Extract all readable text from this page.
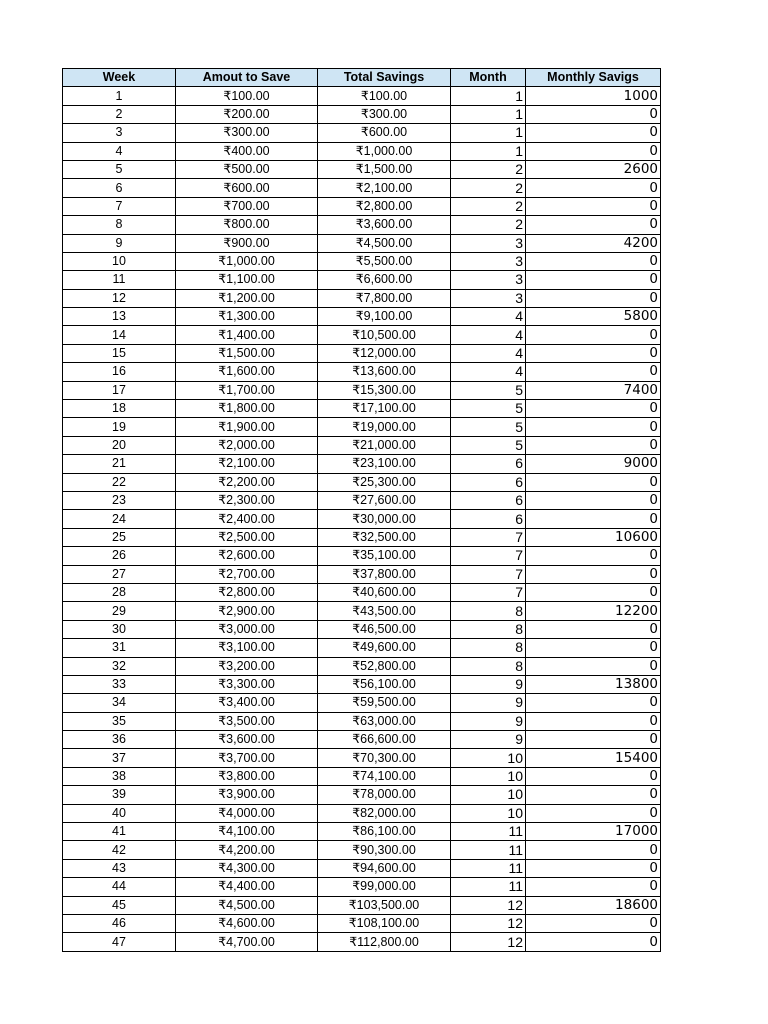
Week	Amout to Save	Total Savings	Month	Monthly Savigs
1	₹100.00	₹100.00	1	1000
2	₹200.00	₹300.00	1	0
3	₹300.00	₹600.00	1	0
4	₹400.00	₹1,000.00	1	0
5	₹500.00	₹1,500.00	2	2600
6	₹600.00	₹2,100.00	2	0
7	₹700.00	₹2,800.00	2	0
8	₹800.00	₹3,600.00	2	0
9	₹900.00	₹4,500.00	3	4200
10	₹1,000.00	₹5,500.00	3	0
11	₹1,100.00	₹6,600.00	3	0
12	₹1,200.00	₹7,800.00	3	0
13	₹1,300.00	₹9,100.00	4	5800
14	₹1,400.00	₹10,500.00	4	0
15	₹1,500.00	₹12,000.00	4	0
16	₹1,600.00	₹13,600.00	4	0
17	₹1,700.00	₹15,300.00	5	7400
18	₹1,800.00	₹17,100.00	5	0
19	₹1,900.00	₹19,000.00	5	0
20	₹2,000.00	₹21,000.00	5	0
21	₹2,100.00	₹23,100.00	6	9000
22	₹2,200.00	₹25,300.00	6	0
23	₹2,300.00	₹27,600.00	6	0
24	₹2,400.00	₹30,000.00	6	0
25	₹2,500.00	₹32,500.00	7	10600
26	₹2,600.00	₹35,100.00	7	0
27	₹2,700.00	₹37,800.00	7	0
28	₹2,800.00	₹40,600.00	7	0
29	₹2,900.00	₹43,500.00	8	12200
30	₹3,000.00	₹46,500.00	8	0
31	₹3,100.00	₹49,600.00	8	0
32	₹3,200.00	₹52,800.00	8	0
33	₹3,300.00	₹56,100.00	9	13800
34	₹3,400.00	₹59,500.00	9	0
35	₹3,500.00	₹63,000.00	9	0
36	₹3,600.00	₹66,600.00	9	0
37	₹3,700.00	₹70,300.00	10	15400
38	₹3,800.00	₹74,100.00	10	0
39	₹3,900.00	₹78,000.00	10	0
40	₹4,000.00	₹82,000.00	10	0
41	₹4,100.00	₹86,100.00	11	17000
42	₹4,200.00	₹90,300.00	11	0
43	₹4,300.00	₹94,600.00	11	0
44	₹4,400.00	₹99,000.00	11	0
45	₹4,500.00	₹103,500.00	12	18600
46	₹4,600.00	₹108,100.00	12	0
47	₹4,700.00	₹112,800.00	12	0
